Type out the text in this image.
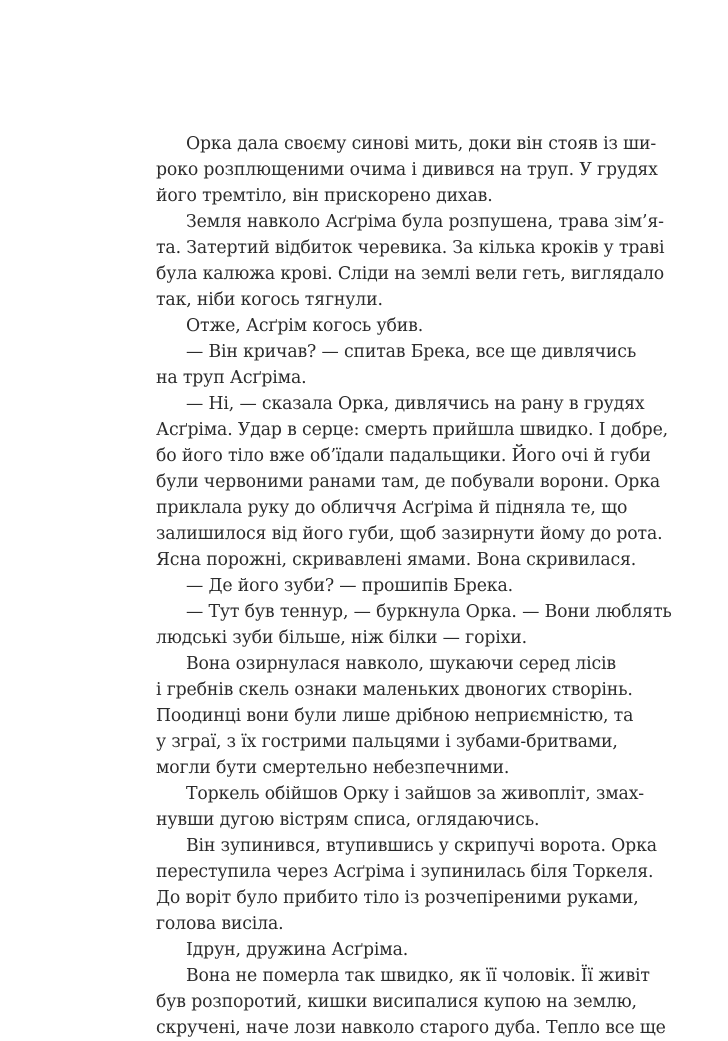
Орка дала своєму синові мить, доки він стояв із ши-
роко розплющеними очима і дивився на труп. У грудях
його тремтіло, він прискорено дихав.
Земля навколо Асґріма була розпушена, трава зім’я-
та. Затертий відбиток черевика. За кілька кроків у траві
була калюжа крові. Сліди на землі вели геть, виглядало
так, ніби когось тягнули.
Отже, Асґрім когось убив.
— Він кричав? — спитав Брека, все ще дивлячись
на труп Асґріма.
— Ні, — сказала Орка, дивлячись на рану в грудях
Асґріма. Удар в серце: смерть прийшла швидко. І добре,
бо його тіло вже об’їдали падальщики. Його очі й губи
були червоними ранами там, де побували ворони. Орка
приклала руку до обличчя Асґріма й підняла те, що
залишилося від його губи, щоб зазирнути йому до рота.
Ясна порожні, скривавлені ямами. Вона скривилася.
— Де його зуби? — прошипів Брека.
— Тут був теннур, — буркнула Орка. — Вони люблять
людські зуби більше, ніж білки — горіхи.
Вона озирнулася навколо, шукаючи серед лісів
і гребнів скель ознаки маленьких двоногих створінь.
Поодинці вони були лише дрібною неприємністю, та
у зграї, з їх гострими пальцями і зубами-бритвами,
могли бути смертельно небезпечними.
Торкель обійшов Орку і зайшов за живопліт, змах-
нувши дугою вістрям списа, оглядаючись.
Він зупинився, втупившись у скрипучі ворота. Орка
переступила через Асґріма і зупинилась біля Торкеля.
До воріт було прибито тіло із розчепіреними руками,
голова висіла.
Ідрун, дружина Асґріма.
Вона не померла так швидко, як її чоловік. Її живіт
був розпоротий, кишки висипалися купою на землю,
скручені, наче лози навколо старого дуба. Тепло все ще
